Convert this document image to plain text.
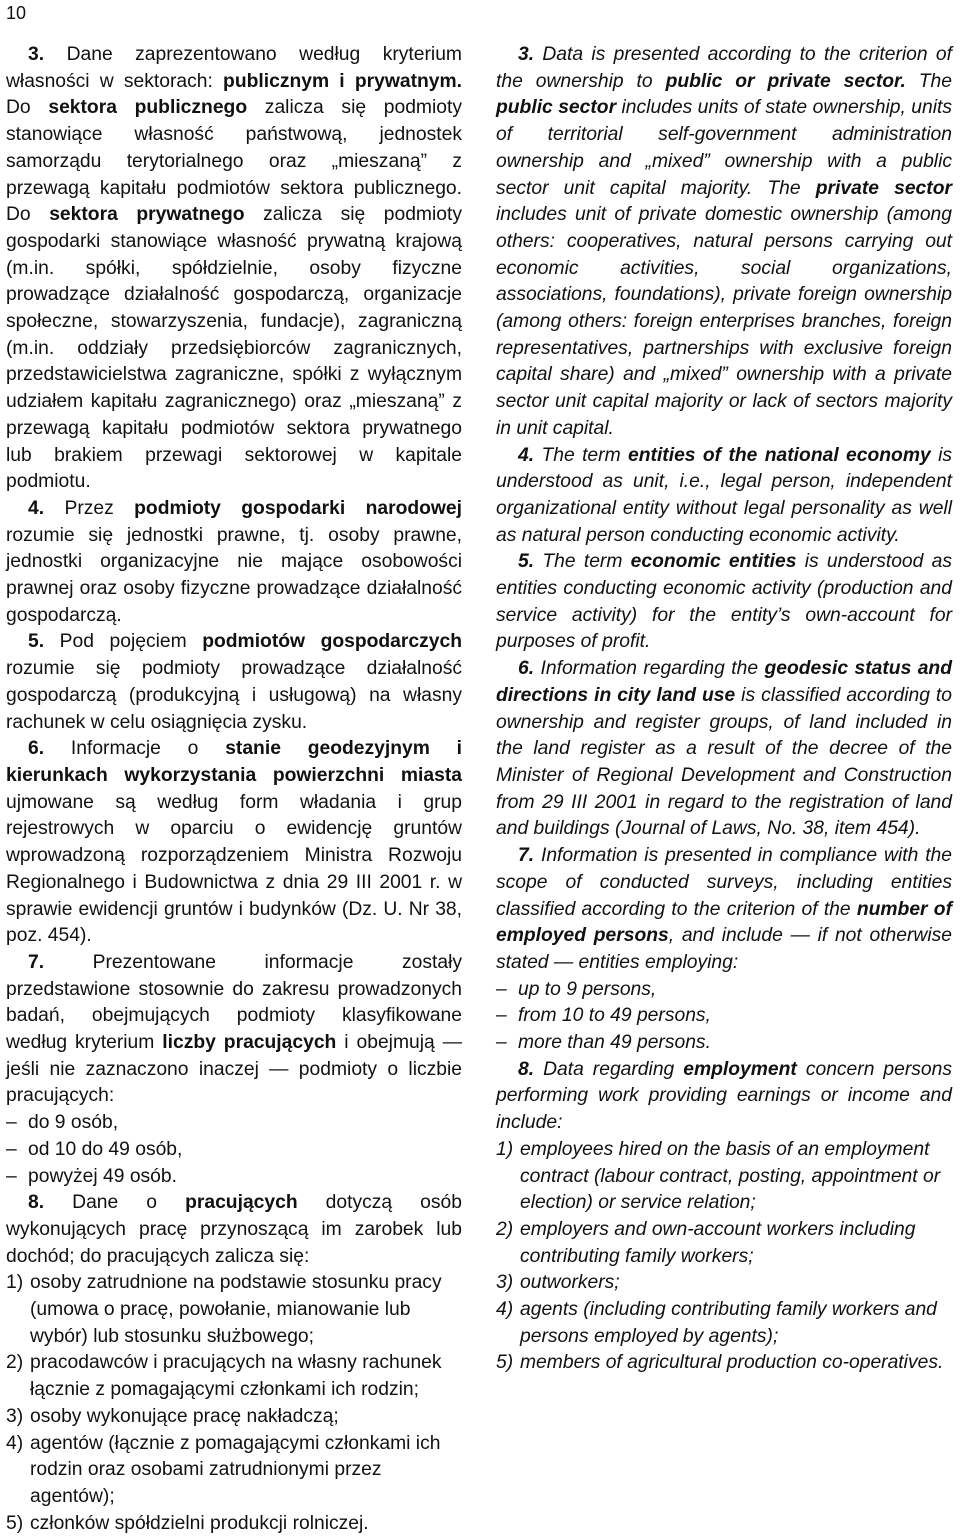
10

3. Dane zaprezentowano według kryterium własności w sektorach: publicznym i prywatnym. Do sektora publicznego zalicza się podmioty stanowiące własność państwową, jednostek samorządu terytorialnego oraz „mieszaną” z przewagą kapitału podmiotów sektora publicznego. Do sektora prywatnego zalicza się podmioty gospodarki stanowiące własność prywatną krajową (m.in. spółki, spółdzielnie, osoby fizyczne prowadzące działalność gospodarczą, organizacje społeczne, stowarzyszenia, fundacje), zagraniczną (m.in. oddziały przedsiębiorców zagranicznych, przedstawicielstwa zagraniczne, spółki z wyłącznym udziałem kapitału zagranicznego) oraz „mieszaną” z przewagą kapitału podmiotów sektora prywatnego lub brakiem przewagi sektorowej w kapitale podmiotu.

4. Przez podmioty gospodarki narodowej rozumie się jednostki prawne, tj. osoby prawne, jednostki organizacyjne nie mające osobowości prawnej oraz osoby fizyczne prowadzące działalność gospodarczą.

5. Pod pojęciem podmiotów gospodarczych rozumie się podmioty prowadzące działalność gospodarczą (produkcyjną i usługową) na własny rachunek w celu osiągnięcia zysku.

6. Informacje o stanie geodezyjnym i kierunkach wykorzystania powierzchni miasta ujmowane są według form władania i grup rejestrowych w oparciu o ewidencję gruntów wprowadzoną rozporządzeniem Ministra Rozwoju Regionalnego i Budownictwa z dnia 29 III 2001 r. w sprawie ewidencji gruntów i budynków (Dz. U. Nr 38, poz. 454).

7. Prezentowane informacje zostały przedstawione stosownie do zakresu prowadzonych badań, obejmujących podmioty klasyfikowane według kryterium liczby pracujących i obejmują — jeśli nie zaznaczono inaczej — podmioty o liczbie pracujących:

– do 9 osób,
– od 10 do 49 osób,
– powyżej 49 osób.

8. Dane o pracujących dotyczą osób wykonujących pracę przynoszącą im zarobek lub dochód; do pracujących zalicza się:

1) osoby zatrudnione na podstawie stosunku pracy (umowa o pracę, powołanie, mianowanie lub wybór) lub stosunku służbowego;
2) pracodawców i pracujących na własny rachunek łącznie z pomagającymi członkami ich rodzin;
3) osoby wykonujące pracę nakładczą;
4) agentów (łącznie z pomagającymi członkami ich rodzin oraz osobami zatrudnionymi przez agentów);
5) członków spółdzielni produkcji rolniczej.

3. Data is presented according to the criterion of the ownership to public or private sector. The public sector includes units of state ownership, units of territorial self-government administration ownership and „mixed” ownership with a public sector unit capital majority. The private sector includes unit of private domestic ownership (among others: cooperatives, natural persons carrying out economic activities, social organizations, associations, foundations), private foreign ownership (among others: foreign enterprises branches, foreign representatives, partnerships with exclusive foreign capital share) and „mixed” ownership with a private sector unit capital majority or lack of sectors majority in unit capital.

4. The term entities of the national economy is understood as unit, i.e., legal person, independent organizational entity without legal personality as well as natural person conducting economic activity.

5. The term economic entities is understood as entities conducting economic activity (production and service activity) for the entity’s own-account for purposes of profit.

6. Information regarding the geodesic status and directions in city land use is classified according to ownership and register groups, of land included in the land register as a result of the decree of the Minister of Regional Development and Construction from 29 III 2001 in regard to the registration of land and buildings (Journal of Laws, No. 38, item 454).

7. Information is presented in compliance with the scope of conducted surveys, including entities classified according to the criterion of the number of employed persons, and include — if not otherwise stated — entities employing:

– up to 9 persons,
– from 10 to 49 persons,
– more than 49 persons.

8. Data regarding employment concern persons performing work providing earnings or income and include:

1) employees hired on the basis of an employment contract (labour contract, posting, appointment or election) or service relation;
2) employers and own-account workers including contributing family workers;
3) outworkers;
4) agents (including contributing family workers and persons employed by agents);
5) members of agricultural production co-operatives.
